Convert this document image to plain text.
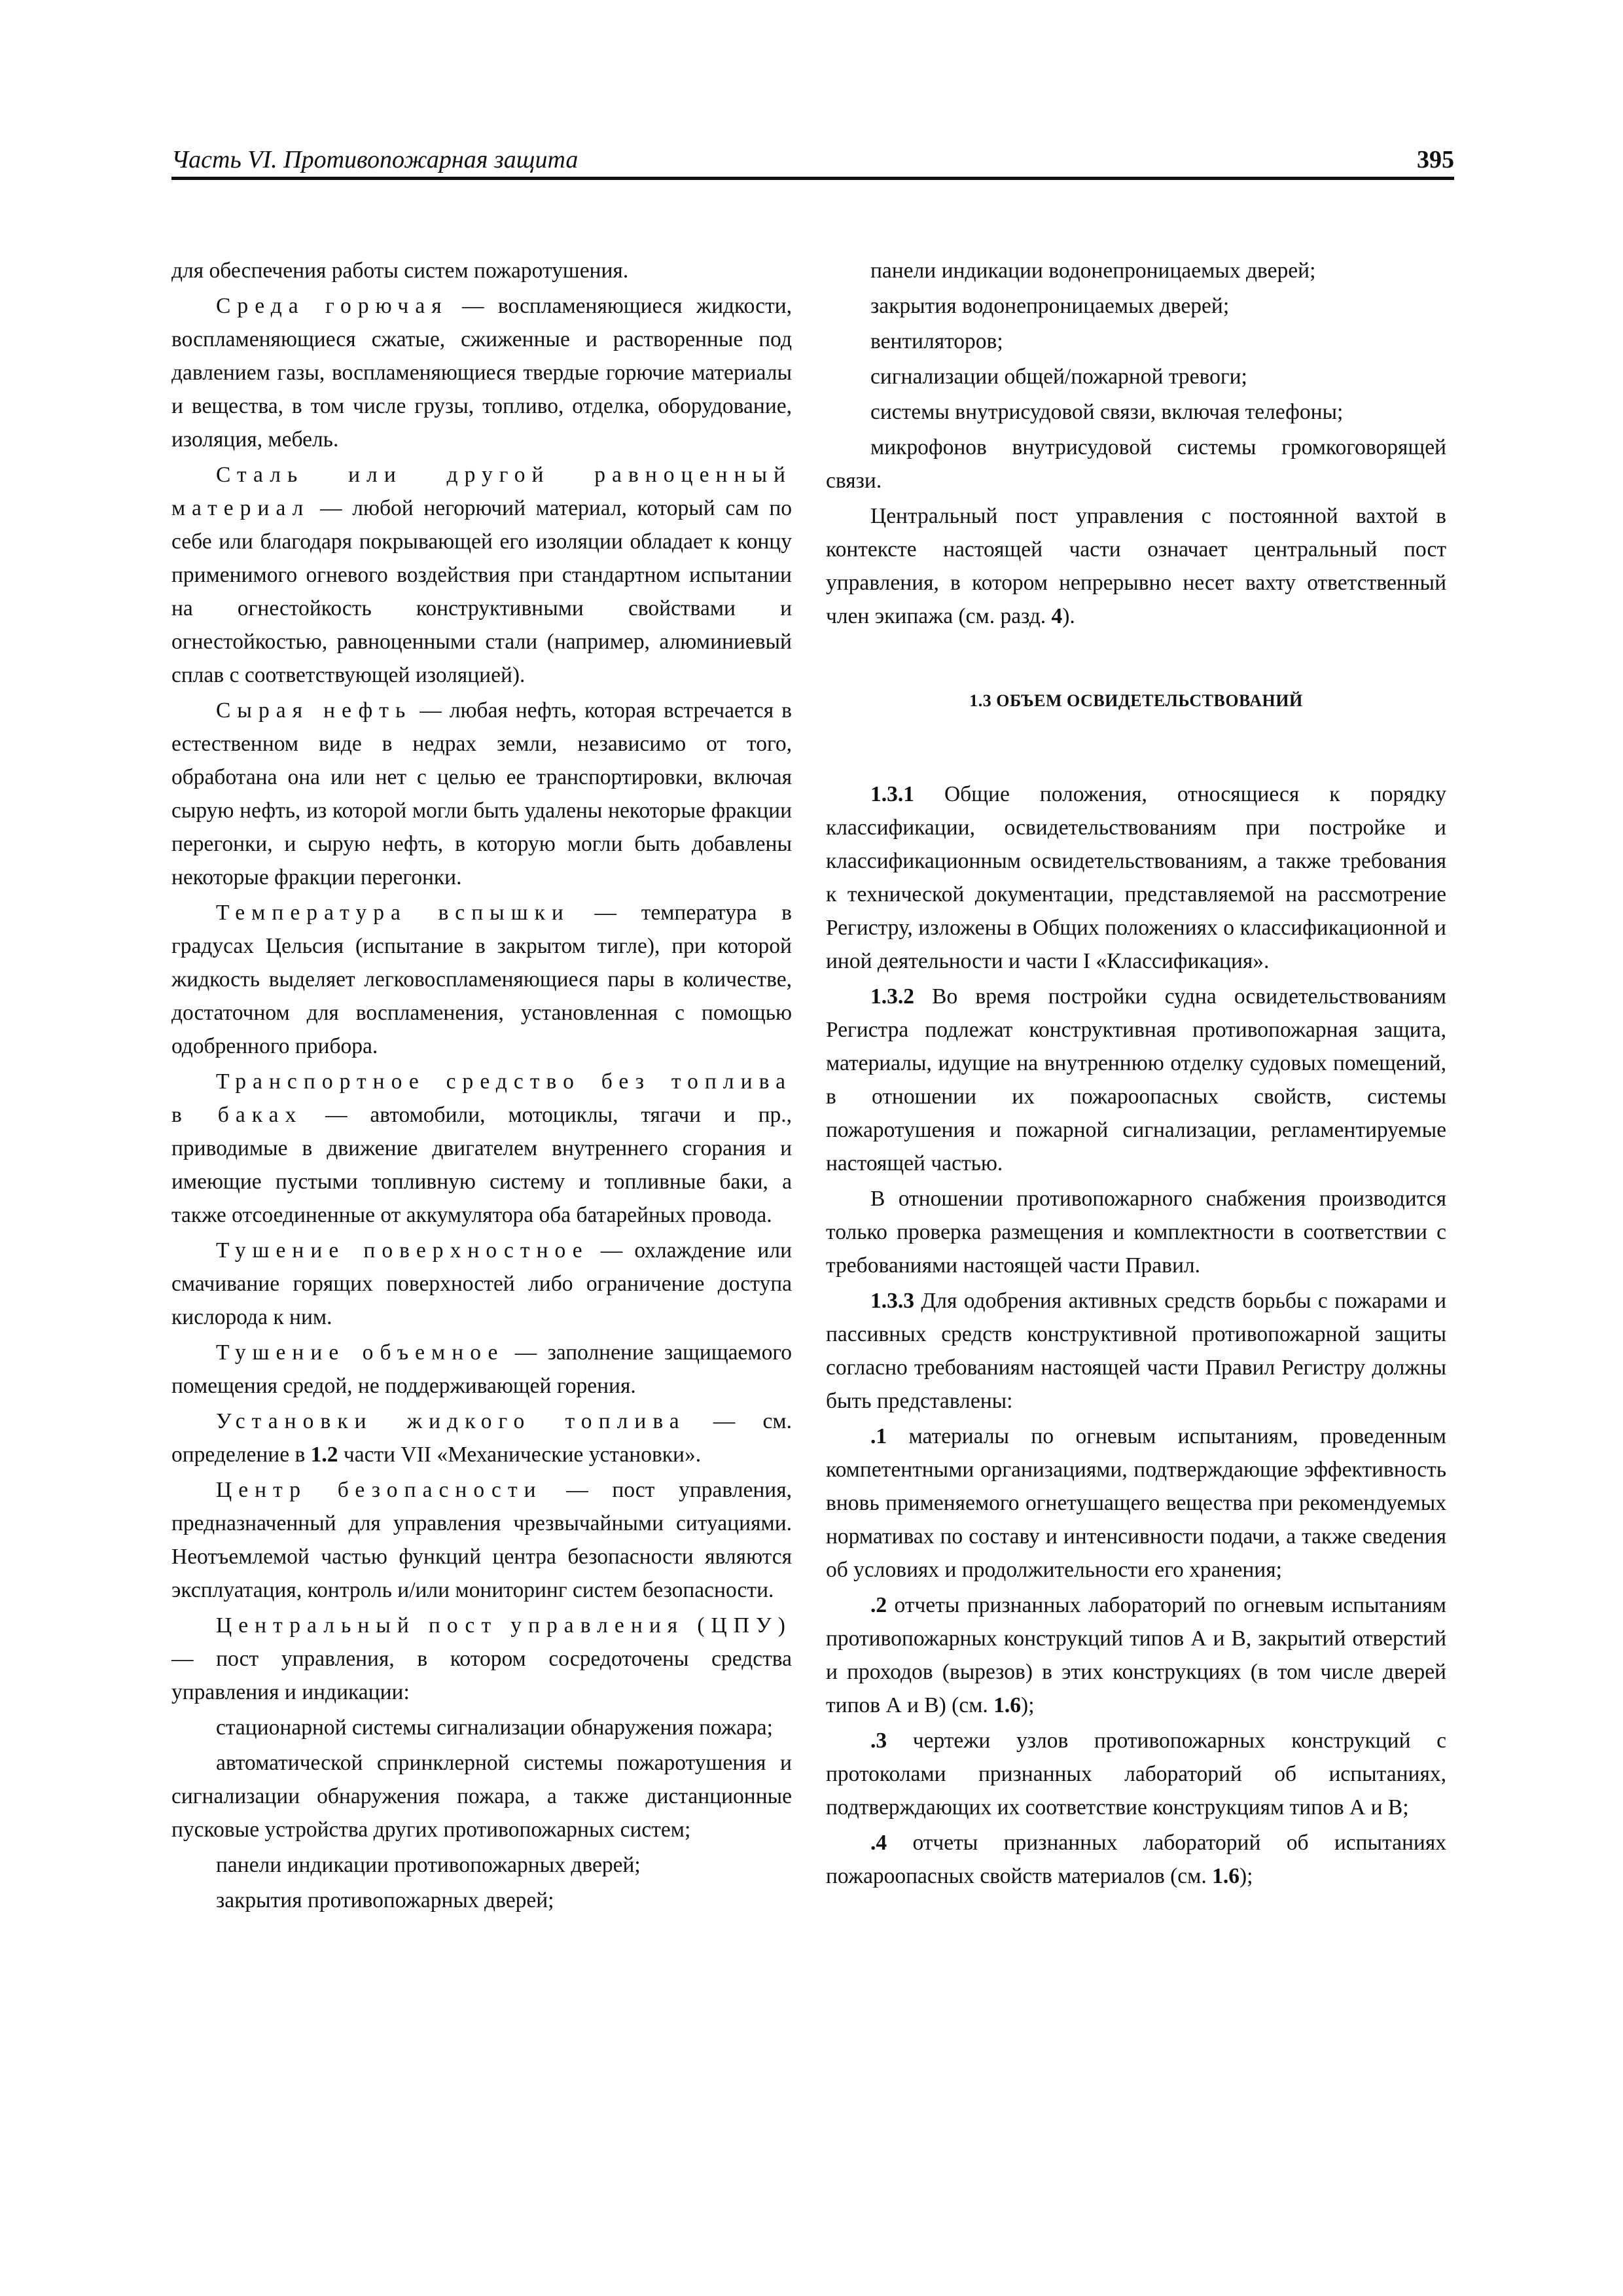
Часть VI. Противопожарная защита	395

для обеспечения работы систем пожаротушения.

Среда горючая — воспламеняющиеся жидкости, воспламеняющиеся сжатые, сжиженные и растворенные под давлением газы, воспламеняющиеся твердые горючие материалы и вещества, в том числе грузы, топливо, отделка, оборудование, изоляция, мебель.

Сталь или другой равноценный материал — любой негорючий материал, который сам по себе или благодаря покрывающей его изоляции обладает к концу применимого огневого воздействия при стандартном испытании на огнестойкость конструктивными свойствами и огнестойкостью, равноценными стали (например, алюминиевый сплав с соответствующей изоляцией).

Сырая нефть — любая нефть, которая встречается в естественном виде в недрах земли, независимо от того, обработана она или нет с целью ее транспортировки, включая сырую нефть, из которой могли быть удалены некоторые фракции перегонки, и сырую нефть, в которую могли быть добавлены некоторые фракции перегонки.

Температура вспышки — температура в градусах Цельсия (испытание в закрытом тигле), при которой жидкость выделяет легковоспламеняющиеся пары в количестве, достаточном для воспламенения, установленная с помощью одобренного прибора.

Транспортное средство без топлива в баках — автомобили, мотоциклы, тягачи и пр., приводимые в движение двигателем внутреннего сгорания и имеющие пустыми топливную систему и топливные баки, а также отсоединенные от аккумулятора оба батарейных провода.

Тушение поверхностное — охлаждение или смачивание горящих поверхностей либо ограничение доступа кислорода к ним.

Тушение объемное — заполнение защищаемого помещения средой, не поддерживающей горения.

Установки жидкого топлива — см. определение в 1.2 части VII «Механические установки».

Центр безопасности — пост управления, предназначенный для управления чрезвычайными ситуациями. Неотъемлемой частью функций центра безопасности являются эксплуатация, контроль и/или мониторинг систем безопасности.

Центральный пост управления (ЦПУ) — пост управления, в котором сосредоточены средства управления и индикации:

стационарной системы сигнализации обнаружения пожара;

автоматической спринклерной системы пожаротушения и сигнализации обнаружения пожара, а также дистанционные пусковые устройства других противопожарных систем;

панели индикации противопожарных дверей;

закрытия противопожарных дверей;

панели индикации водонепроницаемых дверей;

закрытия водонепроницаемых дверей;

вентиляторов;

сигнализации общей/пожарной тревоги;

системы внутрисудовой связи, включая телефоны;

микрофонов внутрисудовой системы громкоговорящей связи.

Центральный пост управления с постоянной вахтой в контексте настоящей части означает центральный пост управления, в котором непрерывно несет вахту ответственный член экипажа (см. разд. 4).

1.3 ОБЪЕМ ОСВИДЕТЕЛЬСТВОВАНИЙ

1.3.1 Общие положения, относящиеся к порядку классификации, освидетельствованиям при постройке и классификационным освидетельствованиям, а также требования к технической документации, представляемой на рассмотрение Регистру, изложены в Общих положениях о классификационной и иной деятельности и части I «Классификация».

1.3.2 Во время постройки судна освидетельствованиям Регистра подлежат конструктивная противопожарная защита, материалы, идущие на внутреннюю отделку судовых помещений, в отношении их пожароопасных свойств, системы пожаротушения и пожарной сигнализации, регламентируемые настоящей частью.

В отношении противопожарного снабжения производится только проверка размещения и комплектности в соответствии с требованиями настоящей части Правил.

1.3.3 Для одобрения активных средств борьбы с пожарами и пассивных средств конструктивной противопожарной защиты согласно требованиям настоящей части Правил Регистру должны быть представлены:

.1 материалы по огневым испытаниям, проведенным компетентными организациями, подтверждающие эффективность вновь применяемого огнетушащего вещества при рекомендуемых нормативах по составу и интенсивности подачи, а также сведения об условиях и продолжительности его хранения;

.2 отчеты признанных лабораторий по огневым испытаниям противопожарных конструкций типов А и В, закрытий отверстий и проходов (вырезов) в этих конструкциях (в том числе дверей типов А и В) (см. 1.6);

.3 чертежи узлов противопожарных конструкций с протоколами признанных лабораторий об испытаниях, подтверждающих их соответствие конструкциям типов А и В;

.4 отчеты признанных лабораторий об испытаниях пожароопасных свойств материалов (см. 1.6);
